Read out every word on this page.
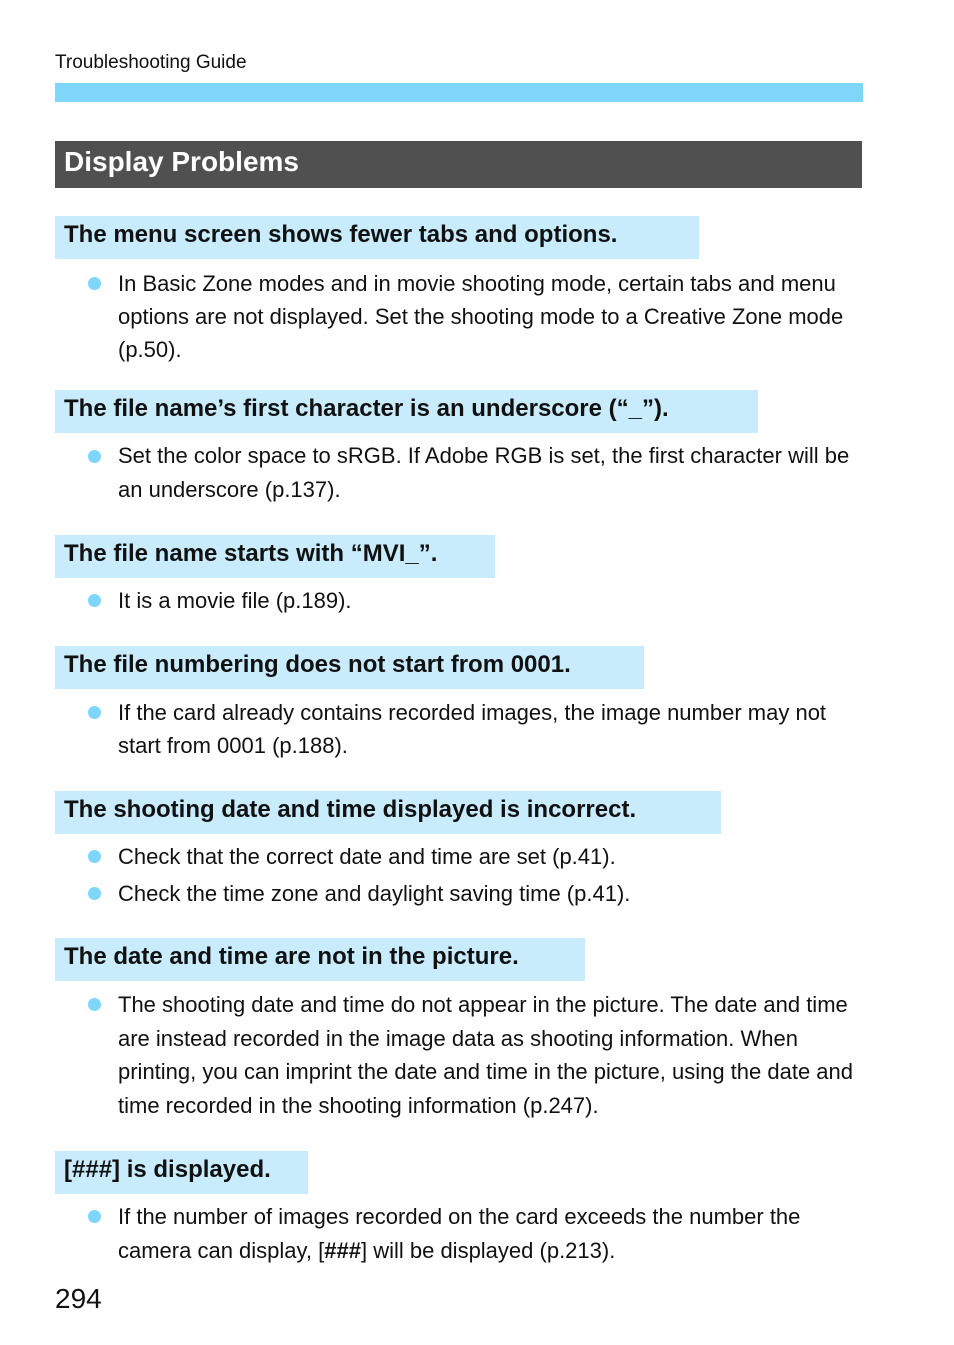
Troubleshooting Guide
Display Problems
The menu screen shows fewer tabs and options.
In Basic Zone modes and in movie shooting mode, certain tabs and menu options are not displayed. Set the shooting mode to a Creative Zone mode (p.50).
The file name’s first character is an underscore (“_”).
Set the color space to sRGB. If Adobe RGB is set, the first character will be an underscore (p.137).
The file name starts with “MVI_”.
It is a movie file (p.189).
The file numbering does not start from 0001.
If the card already contains recorded images, the image number may not start from 0001 (p.188).
The shooting date and time displayed is incorrect.
Check that the correct date and time are set (p.41).
Check the time zone and daylight saving time (p.41).
The date and time are not in the picture.
The shooting date and time do not appear in the picture. The date and time are instead recorded in the image data as shooting information. When printing, you can imprint the date and time in the picture, using the date and time recorded in the shooting information (p.247).
[###] is displayed.
If the number of images recorded on the card exceeds the number the camera can display, [###] will be displayed (p.213).
294
